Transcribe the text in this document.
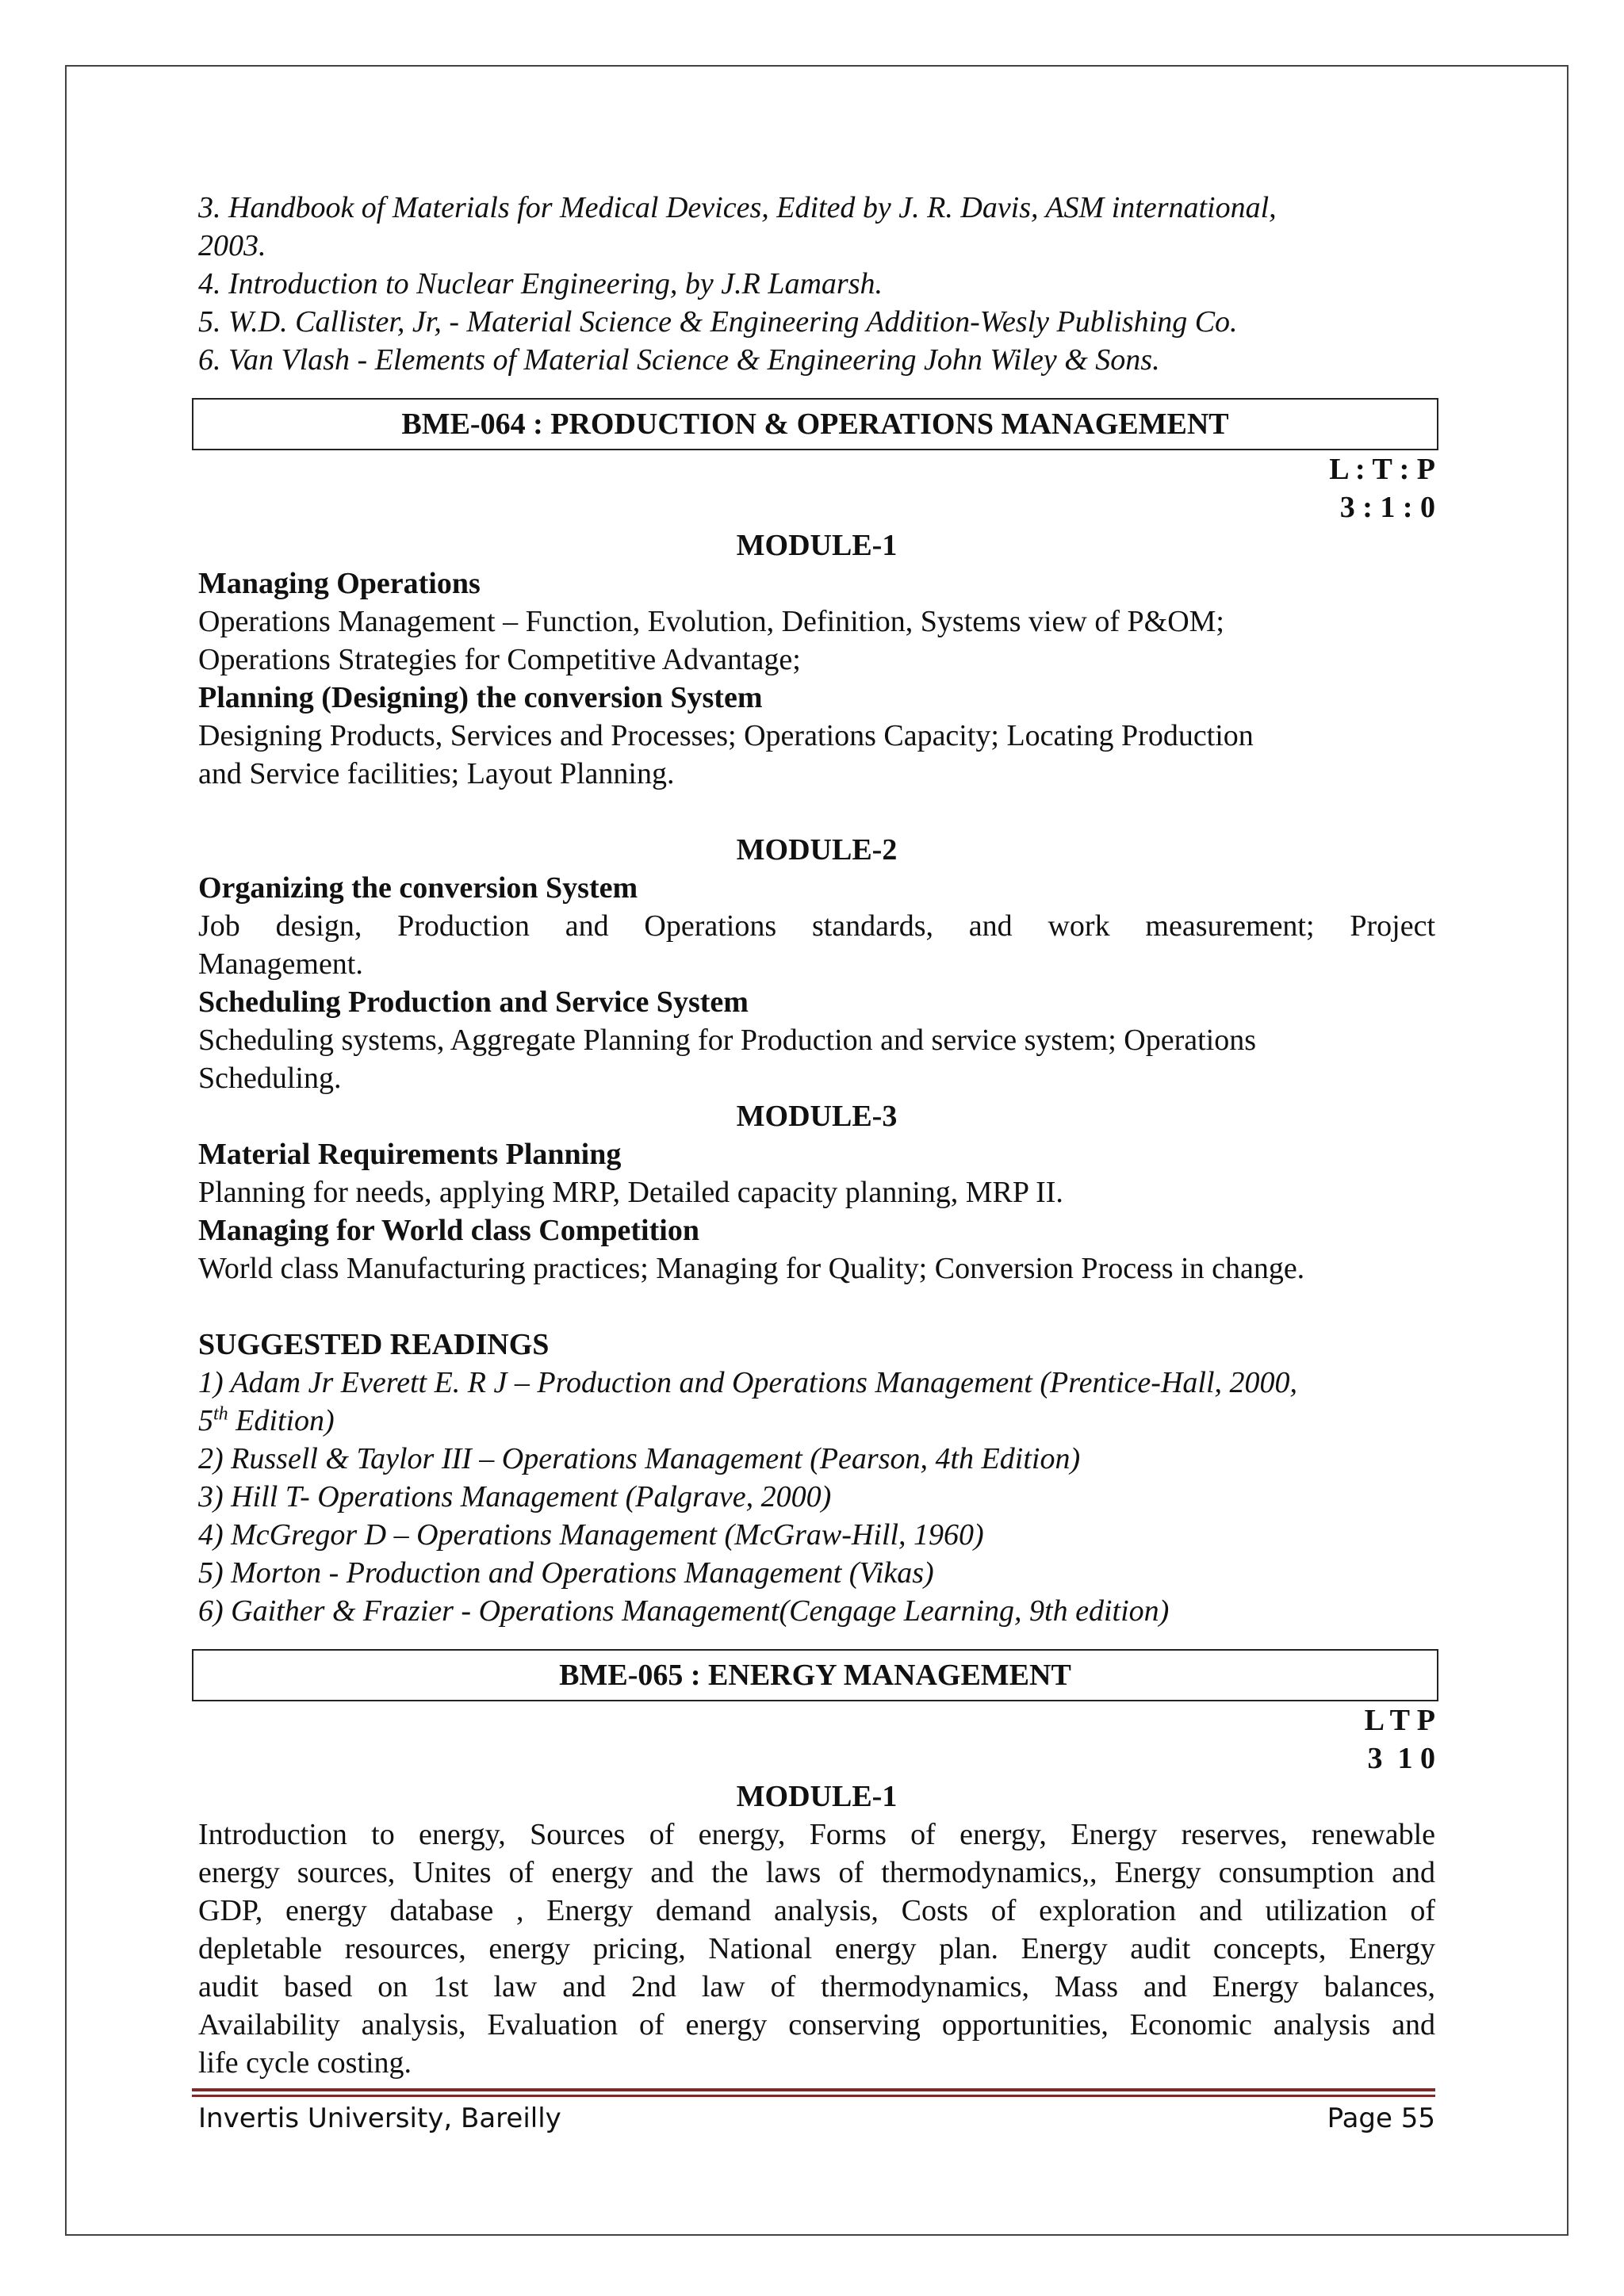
3. Handbook of Materials for Medical Devices, Edited by J. R. Davis, ASM international,
2003.
4. Introduction to Nuclear Engineering, by J.R Lamarsh.
5. W.D. Callister, Jr, - Material Science & Engineering Addition-Wesly Publishing Co.
6. Van Vlash - Elements of Material Science & Engineering John Wiley & Sons.
BME-064 : PRODUCTION & OPERATIONS MANAGEMENT
L : T : P
3 : 1 : 0
MODULE-1
Managing Operations
Operations Management – Function, Evolution, Definition, Systems view of P&OM;
Operations Strategies for Competitive Advantage;
Planning (Designing) the conversion System
Designing Products, Services and Processes; Operations Capacity; Locating Production
and Service facilities; Layout Planning.
MODULE-2
Organizing the conversion System
Job design, Production and Operations standards, and work measurement; Project
Management.
Scheduling Production and Service System
Scheduling systems, Aggregate Planning for Production and service system; Operations
Scheduling.
MODULE-3
Material Requirements Planning
Planning for needs, applying MRP, Detailed capacity planning, MRP II.
Managing for World class Competition
World class Manufacturing practices; Managing for Quality; Conversion Process in change.
SUGGESTED READINGS
1) Adam Jr Everett E. R J – Production and Operations Management (Prentice-Hall, 2000,
5th Edition)
2) Russell & Taylor III – Operations Management (Pearson, 4th Edition)
3) Hill T- Operations Management (Palgrave, 2000)
4) McGregor D – Operations Management (McGraw-Hill, 1960)
5) Morton - Production and Operations Management (Vikas)
6) Gaither & Frazier - Operations Management(Cengage Learning, 9th edition)
BME-065 : ENERGY MANAGEMENT
L T P
3  1 0
MODULE-1
Introduction to energy, Sources of energy, Forms of energy, Energy reserves, renewable
energy sources, Unites of energy and the laws of thermodynamics,, Energy consumption and
GDP, energy database , Energy demand analysis, Costs of exploration and utilization of
depletable resources, energy pricing, National energy plan. Energy audit concepts, Energy
audit based on 1st law and 2nd law of thermodynamics, Mass and Energy balances,
Availability analysis, Evaluation of energy conserving opportunities, Economic analysis and
life cycle costing.
Invertis University, Bareilly	Page 55
